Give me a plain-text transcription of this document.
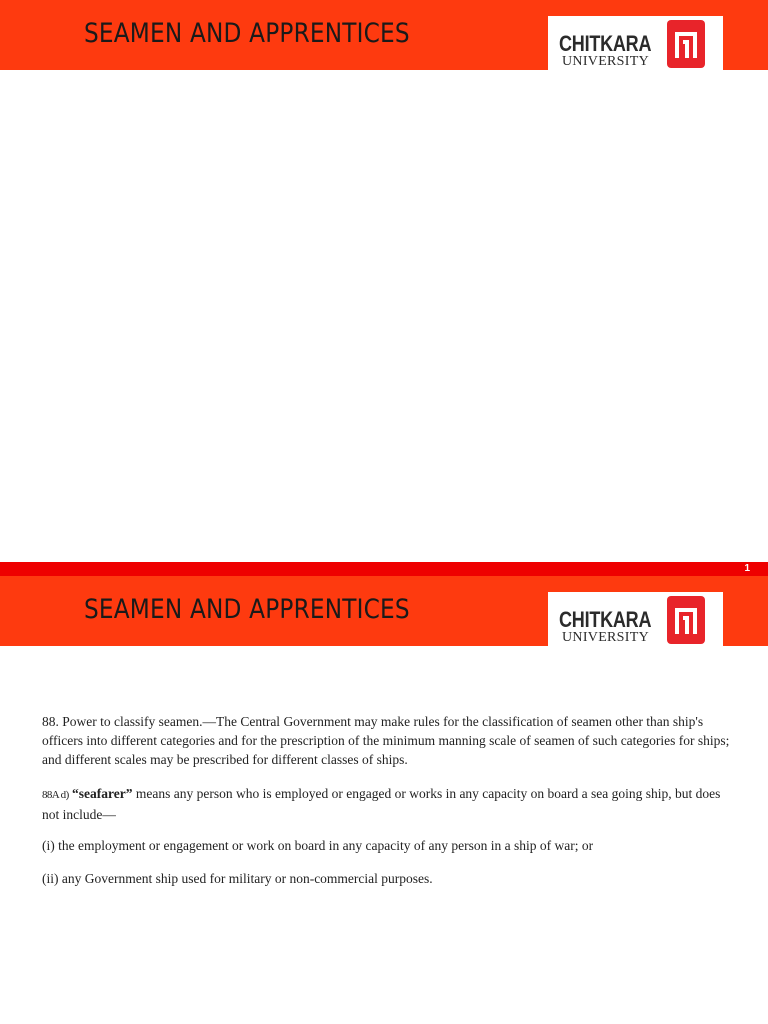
SEAMEN AND APPRENTICES	CHITKARA
UNIVERSITY
1
SEAMEN AND APPRENTICES	CHITKARA
UNIVERSITY

88. Power to classify seamen.—The Central Government may make rules for the classification of seamen other than ship's officers into different categories and for the prescription of the minimum manning scale of seamen of such categories for ships; and different scales may be prescribed for different classes of ships.

88A d) “seafarer” means any person who is employed or engaged or works in any capacity on board a sea going ship, but does not include—

(i) the employment or engagement or work on board in any capacity of any person in a ship of war; or

(ii) any Government ship used for military or non-commercial purposes.
